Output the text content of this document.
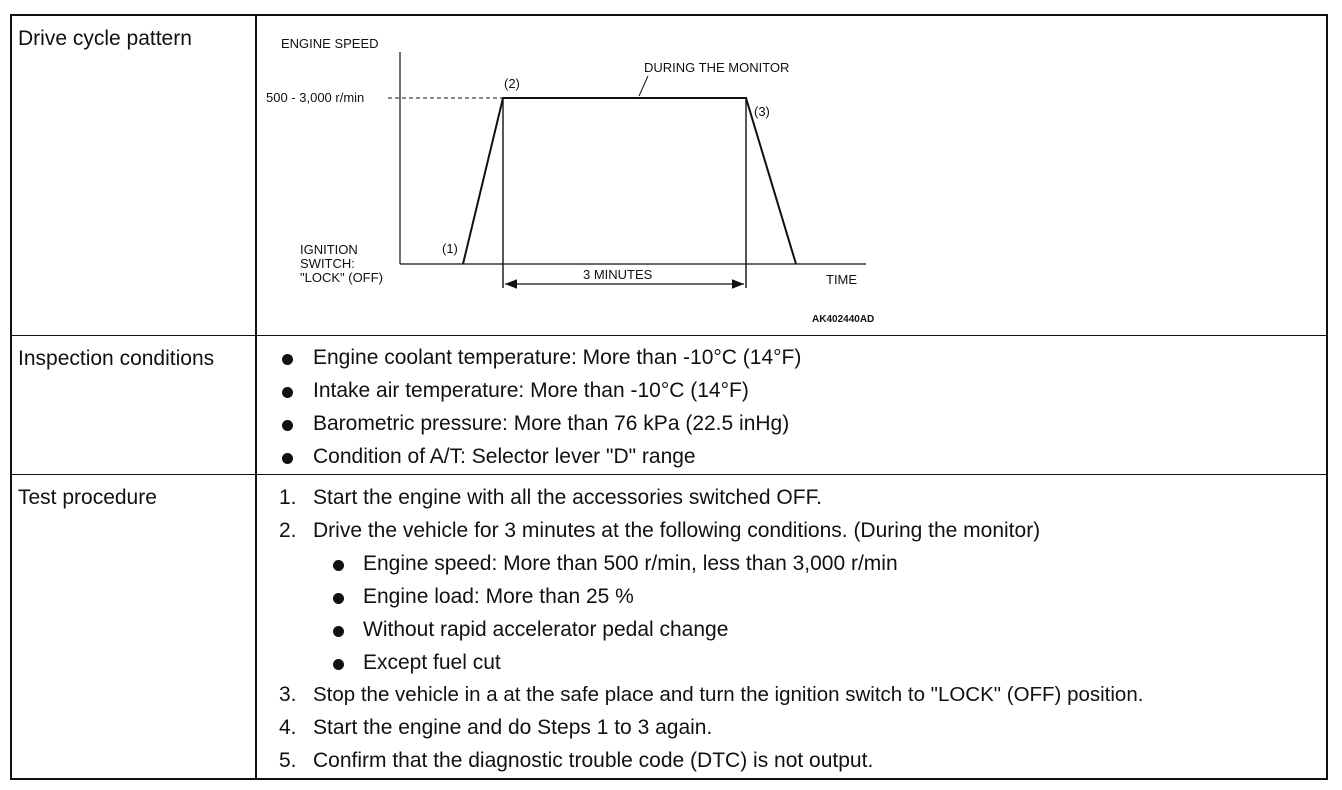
Drive cycle pattern	ENGINE SPEED
500 - 3,000 r/min
DURING THE MONITOR
(2)
(3)
(1)
IGNITION
SWITCH:
"LOCK" (OFF)	3 MINUTES	TIME
AK402440AD
Inspection conditions	Engine coolant temperature: More than -10°C (14°F)
Intake air temperature: More than -10°C (14°F)
Barometric pressure: More than 76 kPa (22.5 inHg)
Condition of A/T: Selector lever "D" range
Test procedure	1. Start the engine with all the accessories switched OFF.
2. Drive the vehicle for 3 minutes at the following conditions. (During the monitor)
Engine speed: More than 500 r/min, less than 3,000 r/min
Engine load: More than 25 %
Without rapid accelerator pedal change
Except fuel cut
3. Stop the vehicle in a at the safe place and turn the ignition switch to "LOCK" (OFF) position.
4. Start the engine and do Steps 1 to 3 again.
5. Confirm that the diagnostic trouble code (DTC) is not output.
